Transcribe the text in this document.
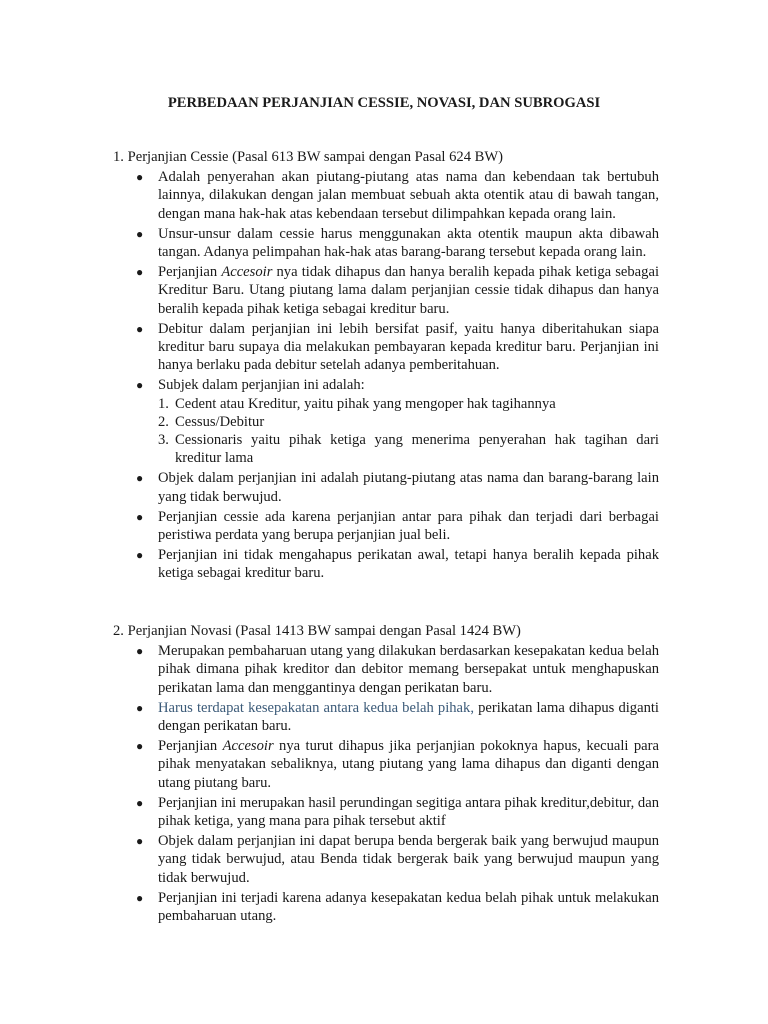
PERBEDAAN PERJANJIAN CESSIE, NOVASI, DAN SUBROGASI
1. Perjanjian Cessie (Pasal 613 BW sampai dengan Pasal 624 BW)
● Adalah penyerahan akan piutang-piutang atas nama dan kebendaan tak bertubuh lainnya, dilakukan dengan jalan membuat sebuah akta otentik atau di bawah tangan, dengan mana hak-hak atas kebendaan tersebut dilimpahkan kepada orang lain.
● Unsur-unsur dalam cessie harus menggunakan akta otentik maupun akta dibawah tangan. Adanya pelimpahan hak-hak atas barang-barang tersebut kepada orang lain.
● Perjanjian Accesoir nya tidak dihapus dan hanya beralih kepada pihak ketiga sebagai Kreditur Baru. Utang piutang lama dalam perjanjian cessie tidak dihapus dan hanya beralih kepada pihak ketiga sebagai kreditur baru.
● Debitur dalam perjanjian ini lebih bersifat pasif, yaitu hanya diberitahukan siapa kreditur baru supaya dia melakukan pembayaran kepada kreditur baru. Perjanjian ini hanya berlaku pada debitur setelah adanya pemberitahuan.
● Subjek dalam perjanjian ini adalah:
1. Cedent atau Kreditur, yaitu pihak yang mengoper hak tagihannya
2. Cessus/Debitur
3. Cessionaris yaitu pihak ketiga yang menerima penyerahan hak tagihan dari kreditur lama
● Objek dalam perjanjian ini adalah piutang-piutang atas nama dan barang-barang lain yang tidak berwujud.
● Perjanjian cessie ada karena perjanjian antar para pihak dan terjadi dari berbagai peristiwa perdata yang berupa perjanjian jual beli.
● Perjanjian ini tidak mengahapus perikatan awal, tetapi hanya beralih kepada pihak ketiga sebagai kreditur baru.
2. Perjanjian Novasi (Pasal 1413 BW sampai dengan Pasal 1424 BW)
● Merupakan pembaharuan utang yang dilakukan berdasarkan kesepakatan kedua belah pihak dimana pihak kreditor dan debitor memang bersepakat untuk menghapuskan perikatan lama dan menggantinya dengan perikatan baru.
● Harus terdapat kesepakatan antara kedua belah pihak, perikatan lama dihapus diganti dengan perikatan baru.
● Perjanjian Accesoir nya turut dihapus jika perjanjian pokoknya hapus, kecuali para pihak menyatakan sebaliknya, utang piutang yang lama dihapus dan diganti dengan utang piutang baru.
● Perjanjian ini merupakan hasil perundingan segitiga antara pihak kreditur,debitur, dan pihak ketiga, yang mana para pihak tersebut aktif
● Objek dalam perjanjian ini dapat berupa benda bergerak baik yang berwujud maupun yang tidak berwujud, atau Benda tidak bergerak baik yang berwujud maupun yang tidak berwujud.
● Perjanjian ini terjadi karena adanya kesepakatan kedua belah pihak untuk melakukan pembaharuan utang.
